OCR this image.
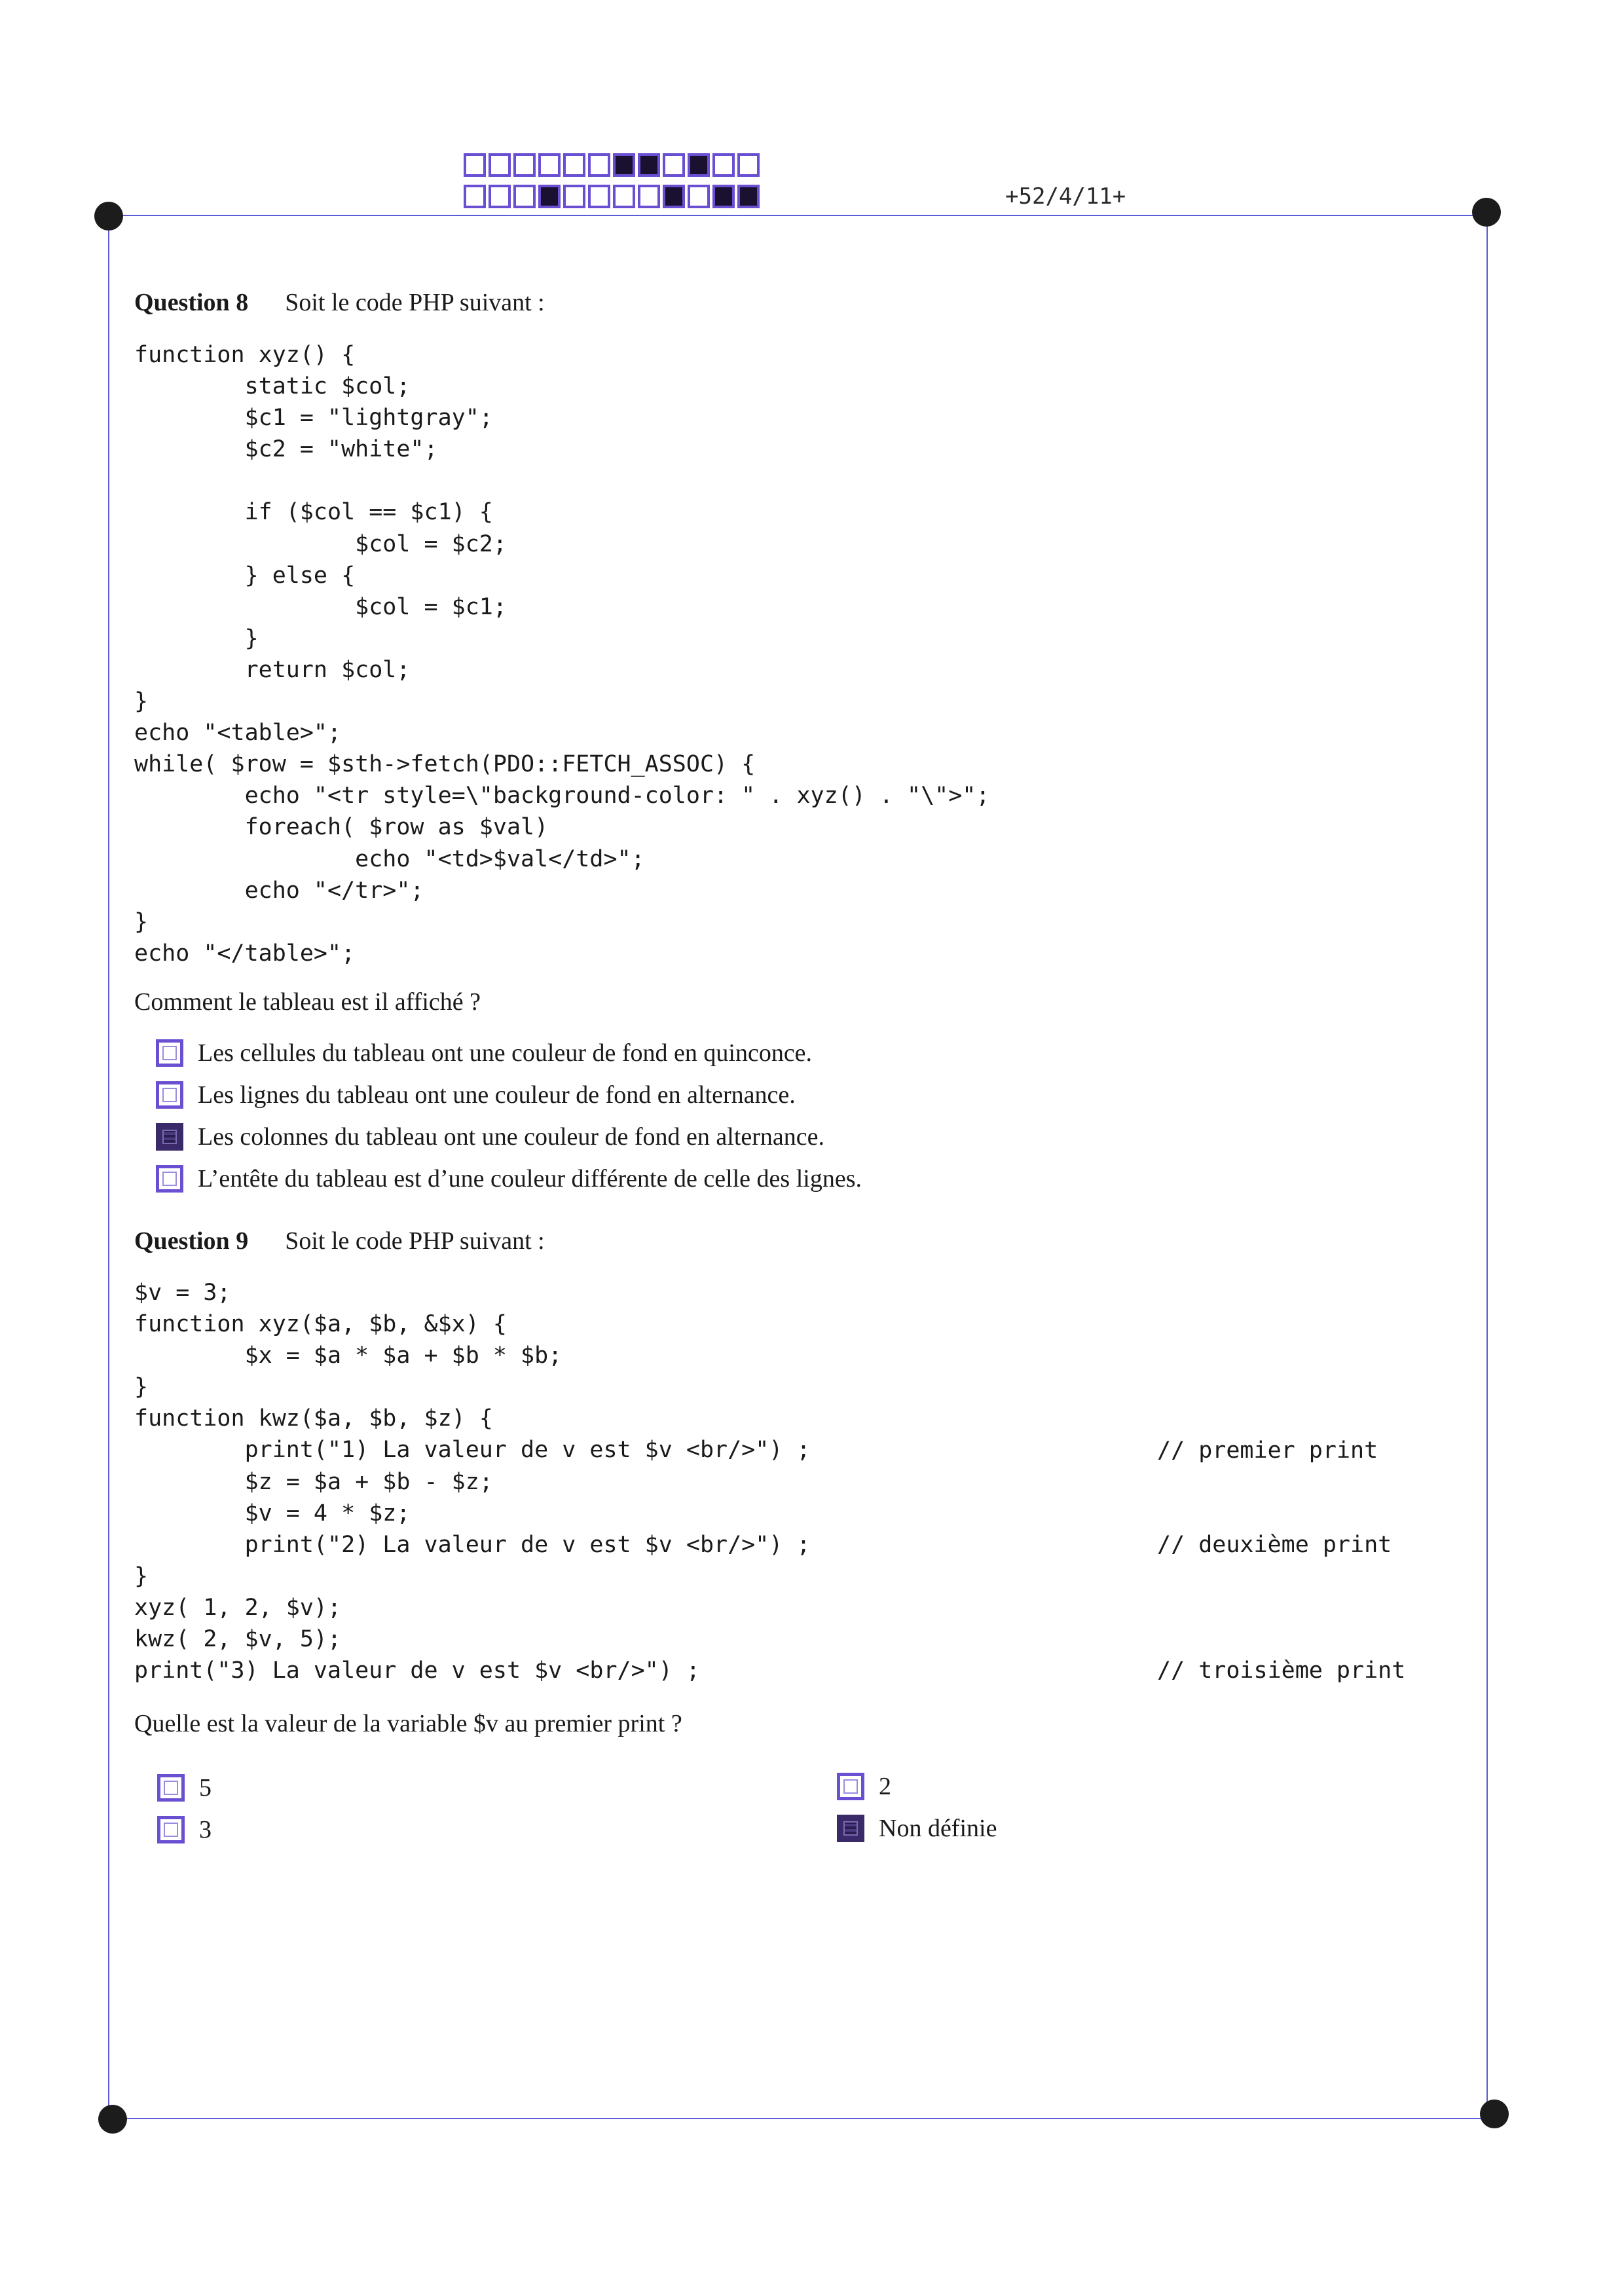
+52/4/11+
Question 8 Soit le code PHP suivant :
function xyz() {
static $col;
$c1 = "lightgray";
$c2 = "white";
if ($col == $c1) {
$col = $c2;
} else {
$col = $c1;
}
return $col;
}
echo "<table>";
while( $row = $sth->fetch(PDO::FETCH_ASSOC) {
echo "<tr style=\"background-color: " . xyz() . "\">";
foreach( $row as $val)
echo "<td>$val</td>";
echo "</tr>";
}
echo "</table>";
Comment le tableau est il affiché ?
Les cellules du tableau ont une couleur de fond en quinconce.
Les lignes du tableau ont une couleur de fond en alternance.
Les colonnes du tableau ont une couleur de fond en alternance.
L’entête du tableau est d’une couleur différente de celle des lignes.
Question 9 Soit le code PHP suivant :
$v = 3;
function xyz($a, $b, &$x) {
$x = $a * $a + $b * $b;
}
function kwz($a, $b, $z) {
print("1) La valeur de v est $v <br/>") ;
$z = $a + $b - $z;
$v = 4 * $z;
print("2) La valeur de v est $v <br/>") ;
}
xyz( 1, 2, $v);
kwz( 2, $v, 5);
print("3) La valeur de v est $v <br/>") ;
// premier print
// deuxième print
// troisième print
Quelle est la valeur de la variable $v au premier print ?
5
3
2
Non définie
